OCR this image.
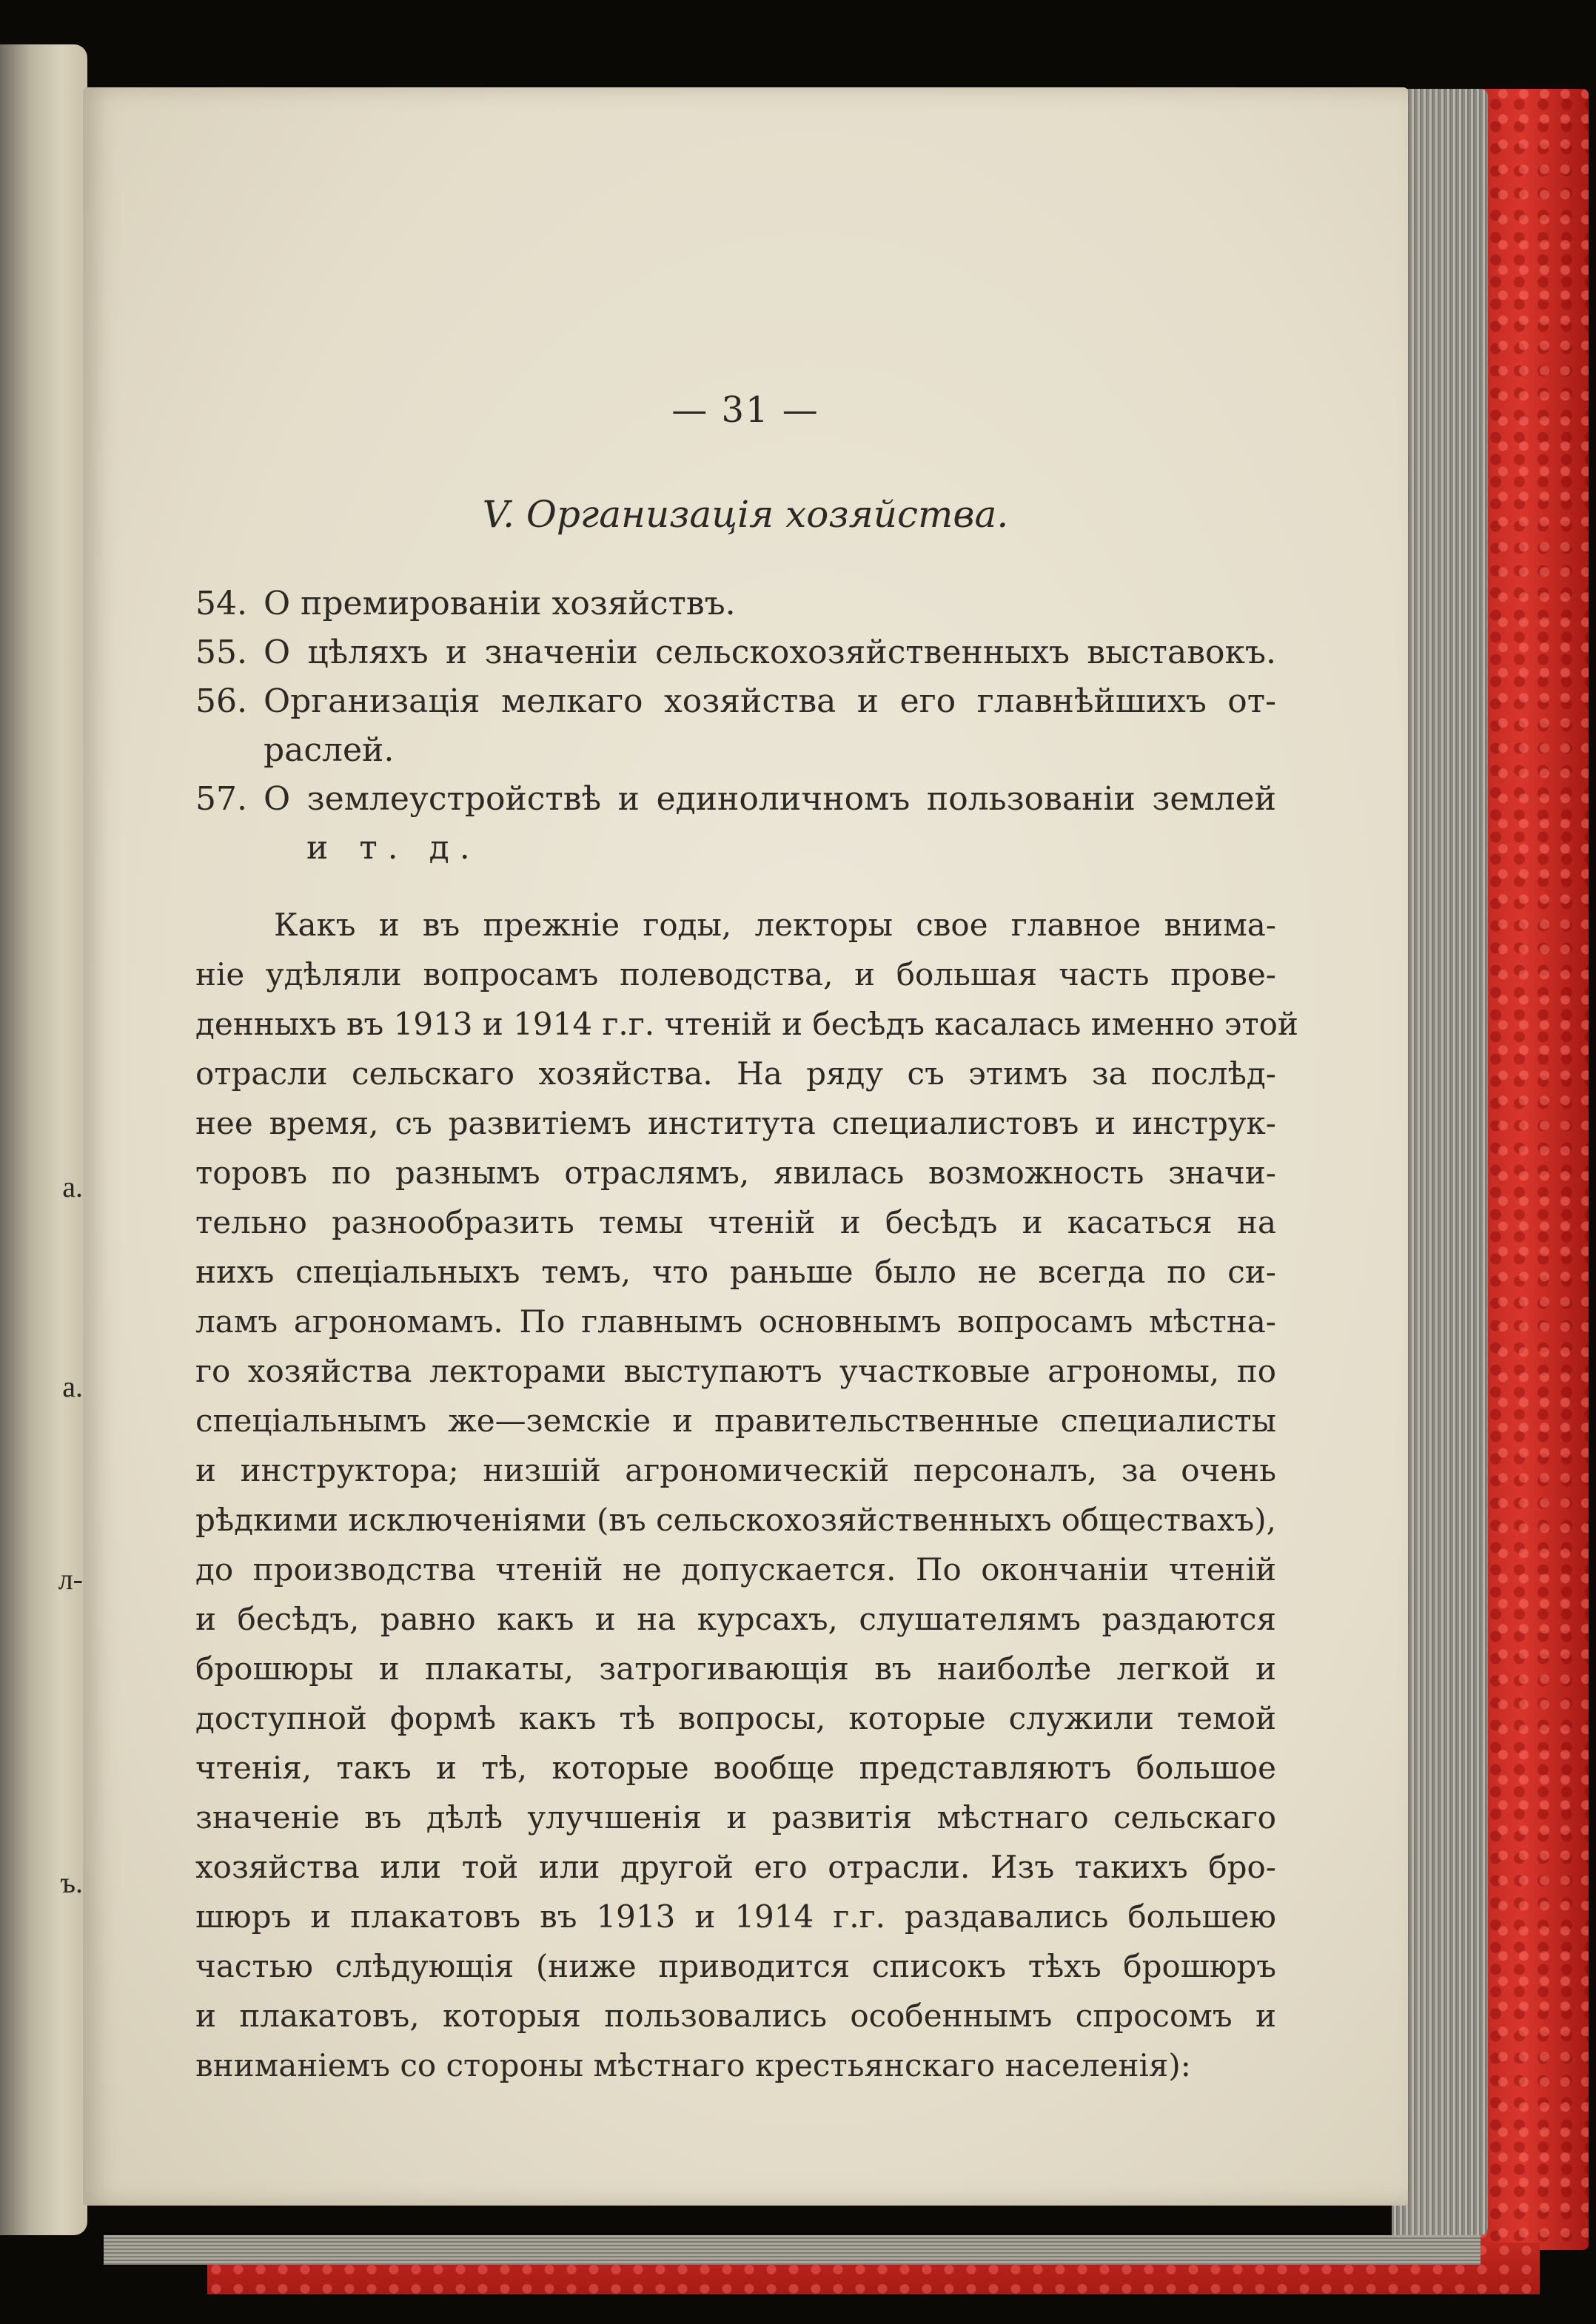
a.
a.
л-
ъ.
— 31 —
V. Организація хозяйства.
54. О премированіи хозяйствъ.
55. О цѣляхъ и значеніи сельскохозяйственныхъ выставокъ.
56. Организація мелкаго хозяйства и его главнѣйшихъ от-
раслей.
57. О землеустройствѣ и единоличномъ пользованіи землей
и т. д.
Какъ и въ прежніе годы, лекторы свое главное внима-
ніе удѣляли вопросамъ полеводства, и большая часть прове-
денныхъ въ 1913 и 1914 г.г. чтеній и бесѣдъ касалась именно этой
отрасли сельскаго хозяйства. На ряду съ этимъ за послѣд-
нее время, съ развитіемъ института специалистовъ и инструк-
торовъ по разнымъ отраслямъ, явилась возможность значи-
тельно разнообразить темы чтеній и бесѣдъ и касаться на
нихъ спеціальныхъ темъ, что раньше было не всегда по си-
ламъ агрономамъ. По главнымъ основнымъ вопросамъ мѣстна-
го хозяйства лекторами выступаютъ участковые агрономы, по
спеціальнымъ же—земскіе и правительственные специалисты
и инструктора; низшій агрономическій персоналъ, за очень
рѣдкими исключеніями (въ сельскохозяйственныхъ обществахъ),
до производства чтеній не допускается. По окончаніи чтеній
и бесѣдъ, равно какъ и на курсахъ, слушателямъ раздаются
брошюры и плакаты, затрогивающія въ наиболѣе легкой и
доступной формѣ какъ тѣ вопросы, которые служили темой
чтенія, такъ и тѣ, которые вообще представляютъ большое
значеніе въ дѣлѣ улучшенія и развитія мѣстнаго сельскаго
хозяйства или той или другой его отрасли. Изъ такихъ бро-
шюръ и плакатовъ въ 1913 и 1914 г.г. раздавались большею
частью слѣдующія (ниже приводится списокъ тѣхъ брошюръ
и плакатовъ, которыя пользовались особеннымъ спросомъ и
вниманіемъ со стороны мѣстнаго крестьянскаго населенія):
